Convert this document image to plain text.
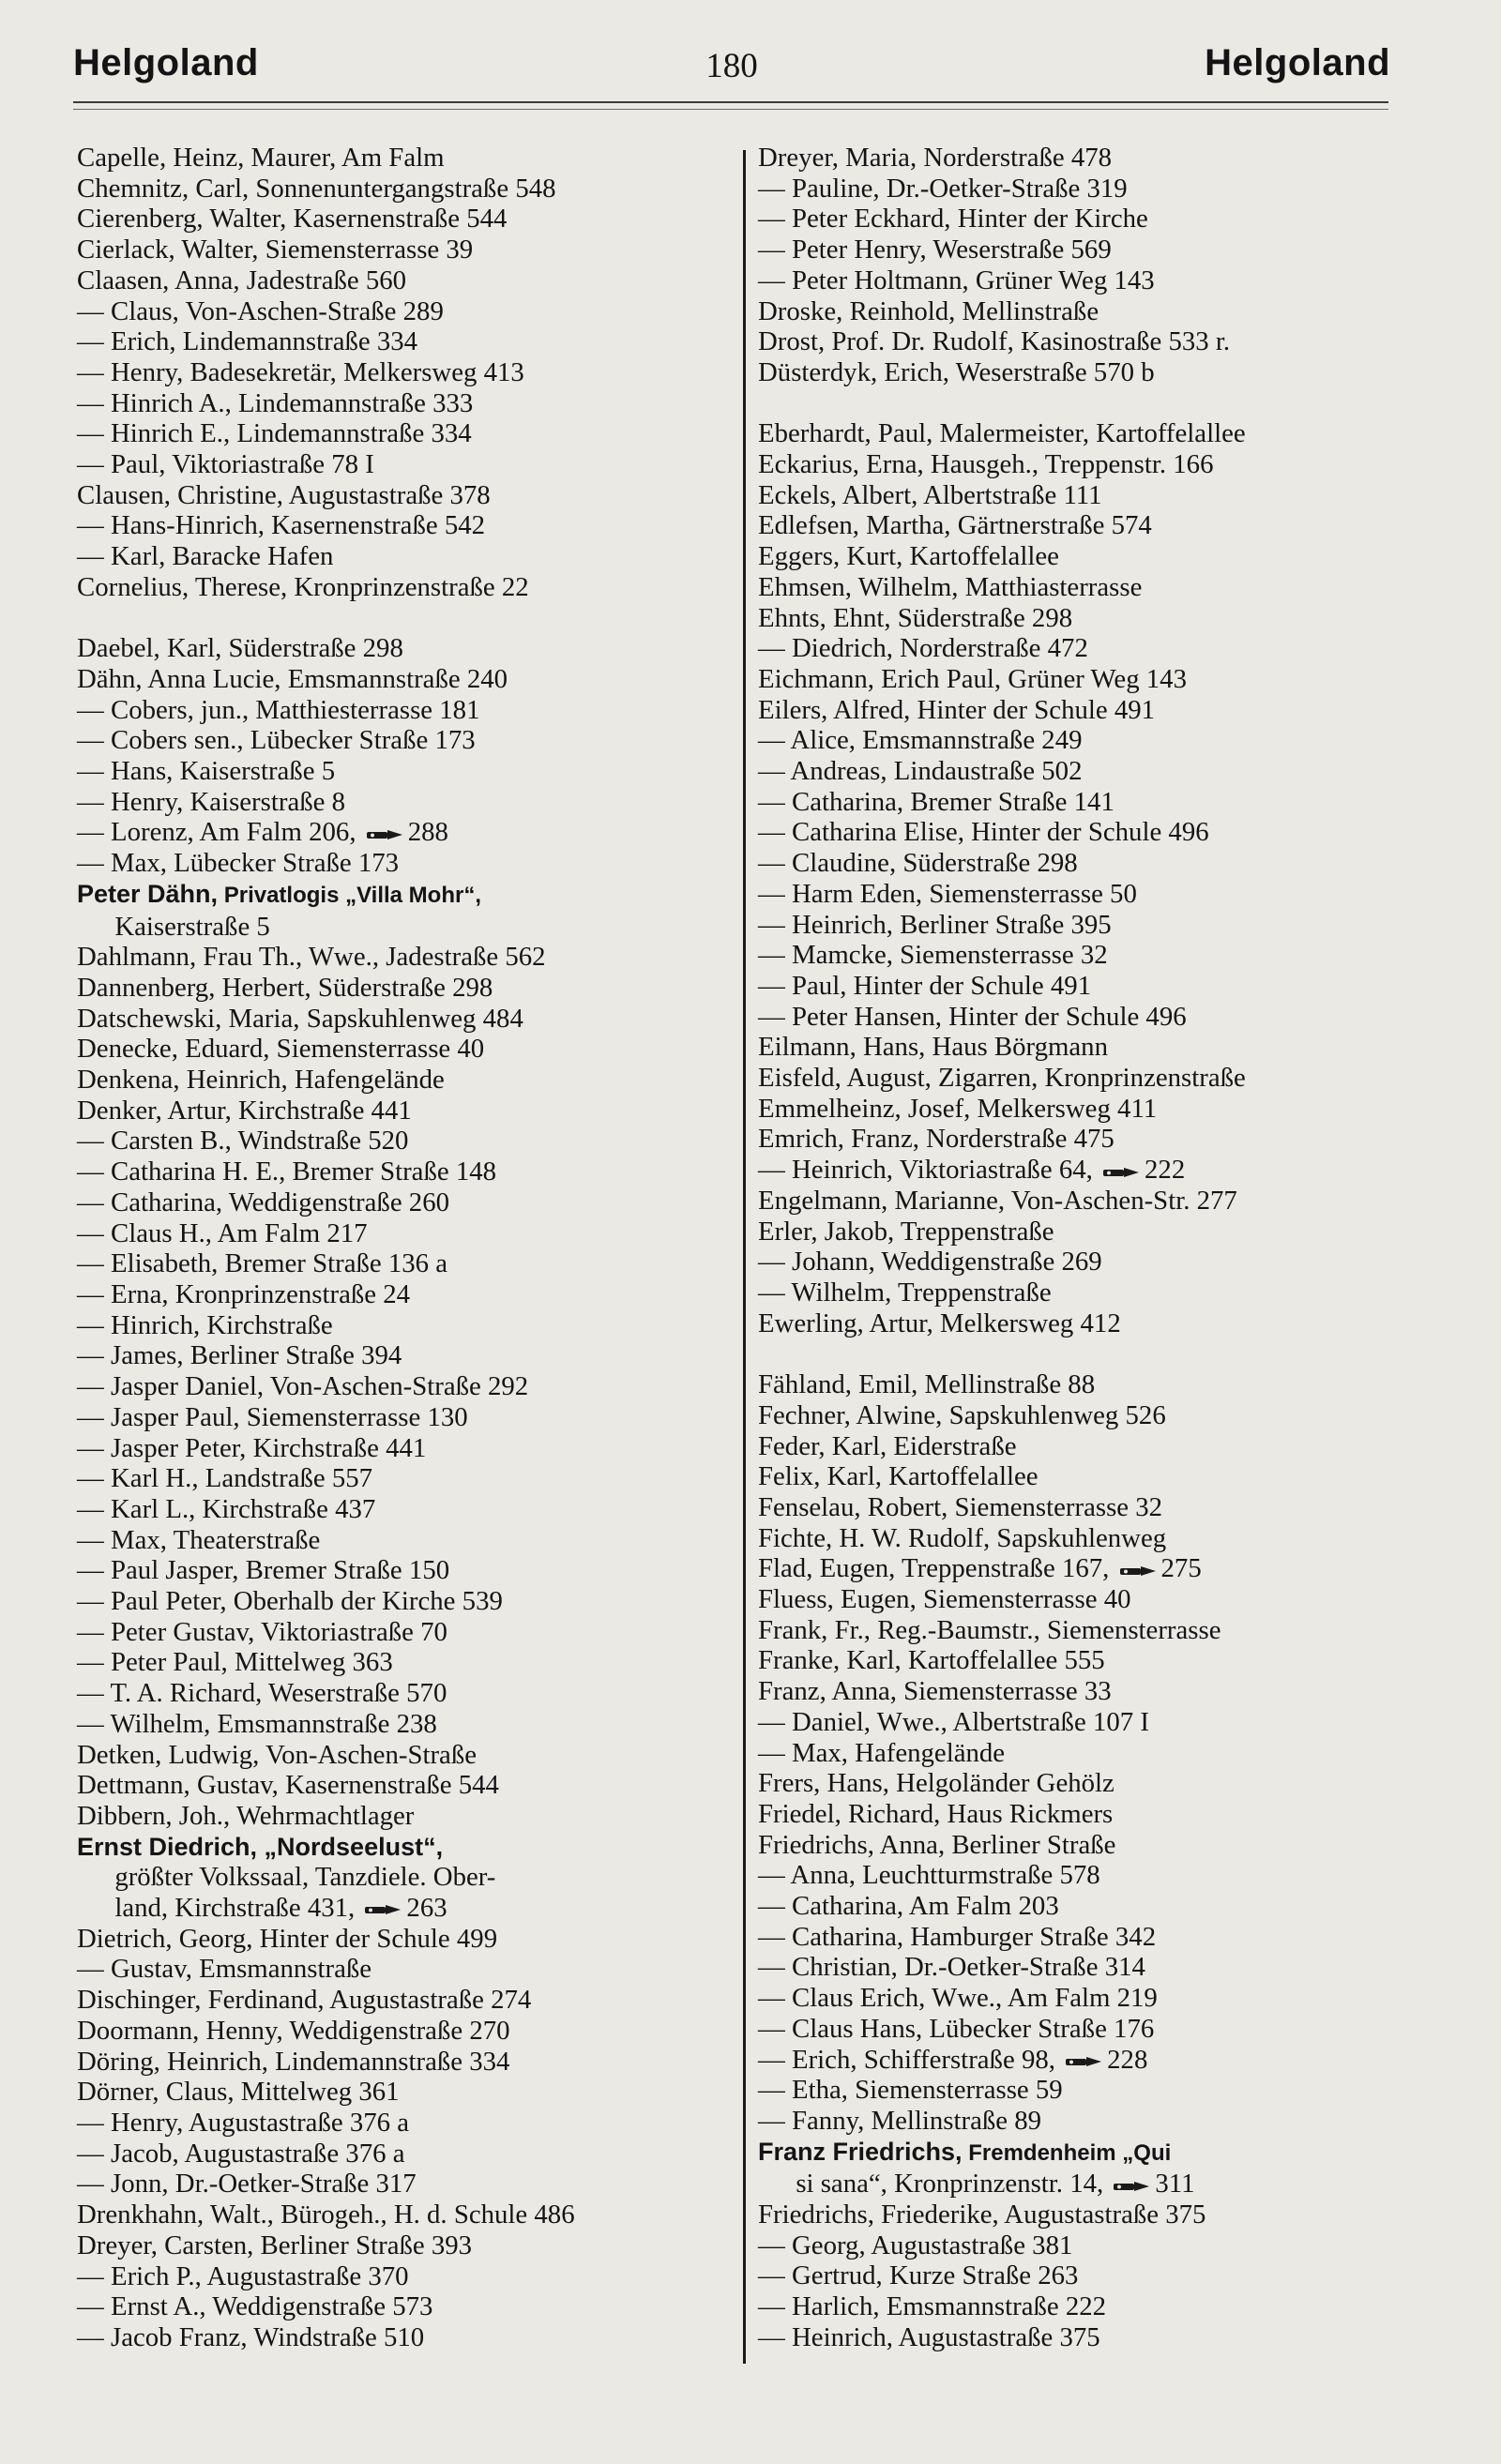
Helgoland	180	Helgoland
Capelle, Heinz, Maurer, Am Falm
Chemnitz, Carl, Sonnenuntergangstraße 548
Cierenberg, Walter, Kasernenstraße 544
Cierlack, Walter, Siemensterrasse 39
Claasen, Anna, Jadestraße 560
— Claus, Von-Aschen-Straße 289
— Erich, Lindemannstraße 334
— Henry, Badesekretär, Melkersweg 413
— Hinrich A., Lindemannstraße 333
— Hinrich E., Lindemannstraße 334
— Paul, Viktoriastraße 78 I
Clausen, Christine, Augustastraße 378
— Hans-Hinrich, Kasernenstraße 542
— Karl, Baracke Hafen
Cornelius, Therese, Kronprinzenstraße 22
Daebel, Karl, Süderstraße 298
Dähn, Anna Lucie, Emsmannstraße 240
— Cobers, jun., Matthiesterrasse 181
— Cobers sen., Lübecker Straße 173
— Hans, Kaiserstraße 5
— Henry, Kaiserstraße 8
— Lorenz, Am Falm 206, 288
— Max, Lübecker Straße 173
Peter Dähn, Privatlogis „Villa Mohr“,
Kaiserstraße 5
Dahlmann, Frau Th., Wwe., Jadestraße 562
Dannenberg, Herbert, Süderstraße 298
Datschewski, Maria, Sapskuhlenweg 484
Denecke, Eduard, Siemensterrasse 40
Denkena, Heinrich, Hafengelände
Denker, Artur, Kirchstraße 441
— Carsten B., Windstraße 520
— Catharina H. E., Bremer Straße 148
— Catharina, Weddigenstraße 260
— Claus H., Am Falm 217
— Elisabeth, Bremer Straße 136 a
— Erna, Kronprinzenstraße 24
— Hinrich, Kirchstraße
— James, Berliner Straße 394
— Jasper Daniel, Von-Aschen-Straße 292
— Jasper Paul, Siemensterrasse 130
— Jasper Peter, Kirchstraße 441
— Karl H., Landstraße 557
— Karl L., Kirchstraße 437
— Max, Theaterstraße
— Paul Jasper, Bremer Straße 150
— Paul Peter, Oberhalb der Kirche 539
— Peter Gustav, Viktoriastraße 70
— Peter Paul, Mittelweg 363
— T. A. Richard, Weserstraße 570
— Wilhelm, Emsmannstraße 238
Detken, Ludwig, Von-Aschen-Straße
Dettmann, Gustav, Kasernenstraße 544
Dibbern, Joh., Wehrmachtlager
Ernst Diedrich, „Nordseelust“,
größter Volkssaal, Tanzdiele. Ober-
land, Kirchstraße 431, 263
Dietrich, Georg, Hinter der Schule 499
— Gustav, Emsmannstraße
Dischinger, Ferdinand, Augustastraße 274
Doormann, Henny, Weddigenstraße 270
Döring, Heinrich, Lindemannstraße 334
Dörner, Claus, Mittelweg 361
— Henry, Augustastraße 376 a
— Jacob, Augustastraße 376 a
— Jonn, Dr.-Oetker-Straße 317
Drenkhahn, Walt., Bürogeh., H. d. Schule 486
Dreyer, Carsten, Berliner Straße 393
— Erich P., Augustastraße 370
— Ernst A., Weddigenstraße 573
— Jacob Franz, Windstraße 510
Dreyer, Maria, Norderstraße 478
— Pauline, Dr.-Oetker-Straße 319
— Peter Eckhard, Hinter der Kirche
— Peter Henry, Weserstraße 569
— Peter Holtmann, Grüner Weg 143
Droske, Reinhold, Mellinstraße
Drost, Prof. Dr. Rudolf, Kasinostraße 533 r.
Düsterdyk, Erich, Weserstraße 570 b
Eberhardt, Paul, Malermeister, Kartoffelallee
Eckarius, Erna, Hausgeh., Treppenstr. 166
Eckels, Albert, Albertstraße 111
Edlefsen, Martha, Gärtnerstraße 574
Eggers, Kurt, Kartoffelallee
Ehmsen, Wilhelm, Matthiasterrasse
Ehnts, Ehnt, Süderstraße 298
— Diedrich, Norderstraße 472
Eichmann, Erich Paul, Grüner Weg 143
Eilers, Alfred, Hinter der Schule 491
— Alice, Emsmannstraße 249
— Andreas, Lindaustraße 502
— Catharina, Bremer Straße 141
— Catharina Elise, Hinter der Schule 496
— Claudine, Süderstraße 298
— Harm Eden, Siemensterrasse 50
— Heinrich, Berliner Straße 395
— Mamcke, Siemensterrasse 32
— Paul, Hinter der Schule 491
— Peter Hansen, Hinter der Schule 496
Eilmann, Hans, Haus Börgmann
Eisfeld, August, Zigarren, Kronprinzenstraße
Emmelheinz, Josef, Melkersweg 411
Emrich, Franz, Norderstraße 475
— Heinrich, Viktoriastraße 64, 222
Engelmann, Marianne, Von-Aschen-Str. 277
Erler, Jakob, Treppenstraße
— Johann, Weddigenstraße 269
— Wilhelm, Treppenstraße
Ewerling, Artur, Melkersweg 412
Fähland, Emil, Mellinstraße 88
Fechner, Alwine, Sapskuhlenweg 526
Feder, Karl, Eiderstraße
Felix, Karl, Kartoffelallee
Fenselau, Robert, Siemensterrasse 32
Fichte, H. W. Rudolf, Sapskuhlenweg
Flad, Eugen, Treppenstraße 167, 275
Fluess, Eugen, Siemensterrasse 40
Frank, Fr., Reg.-Baumstr., Siemensterrasse
Franke, Karl, Kartoffelallee 555
Franz, Anna, Siemensterrasse 33
— Daniel, Wwe., Albertstraße 107 I
— Max, Hafengelände
Frers, Hans, Helgoländer Gehölz
Friedel, Richard, Haus Rickmers
Friedrichs, Anna, Berliner Straße
— Anna, Leuchtturmstraße 578
— Catharina, Am Falm 203
— Catharina, Hamburger Straße 342
— Christian, Dr.-Oetker-Straße 314
— Claus Erich, Wwe., Am Falm 219
— Claus Hans, Lübecker Straße 176
— Erich, Schifferstraße 98, 228
— Etha, Siemensterrasse 59
— Fanny, Mellinstraße 89
Franz Friedrichs, Fremdenheim „Qui
si sana“, Kronprinzenstr. 14, 311
Friedrichs, Friederike, Augustastraße 375
— Georg, Augustastraße 381
— Gertrud, Kurze Straße 263
— Harlich, Emsmannstraße 222
— Heinrich, Augustastraße 375
